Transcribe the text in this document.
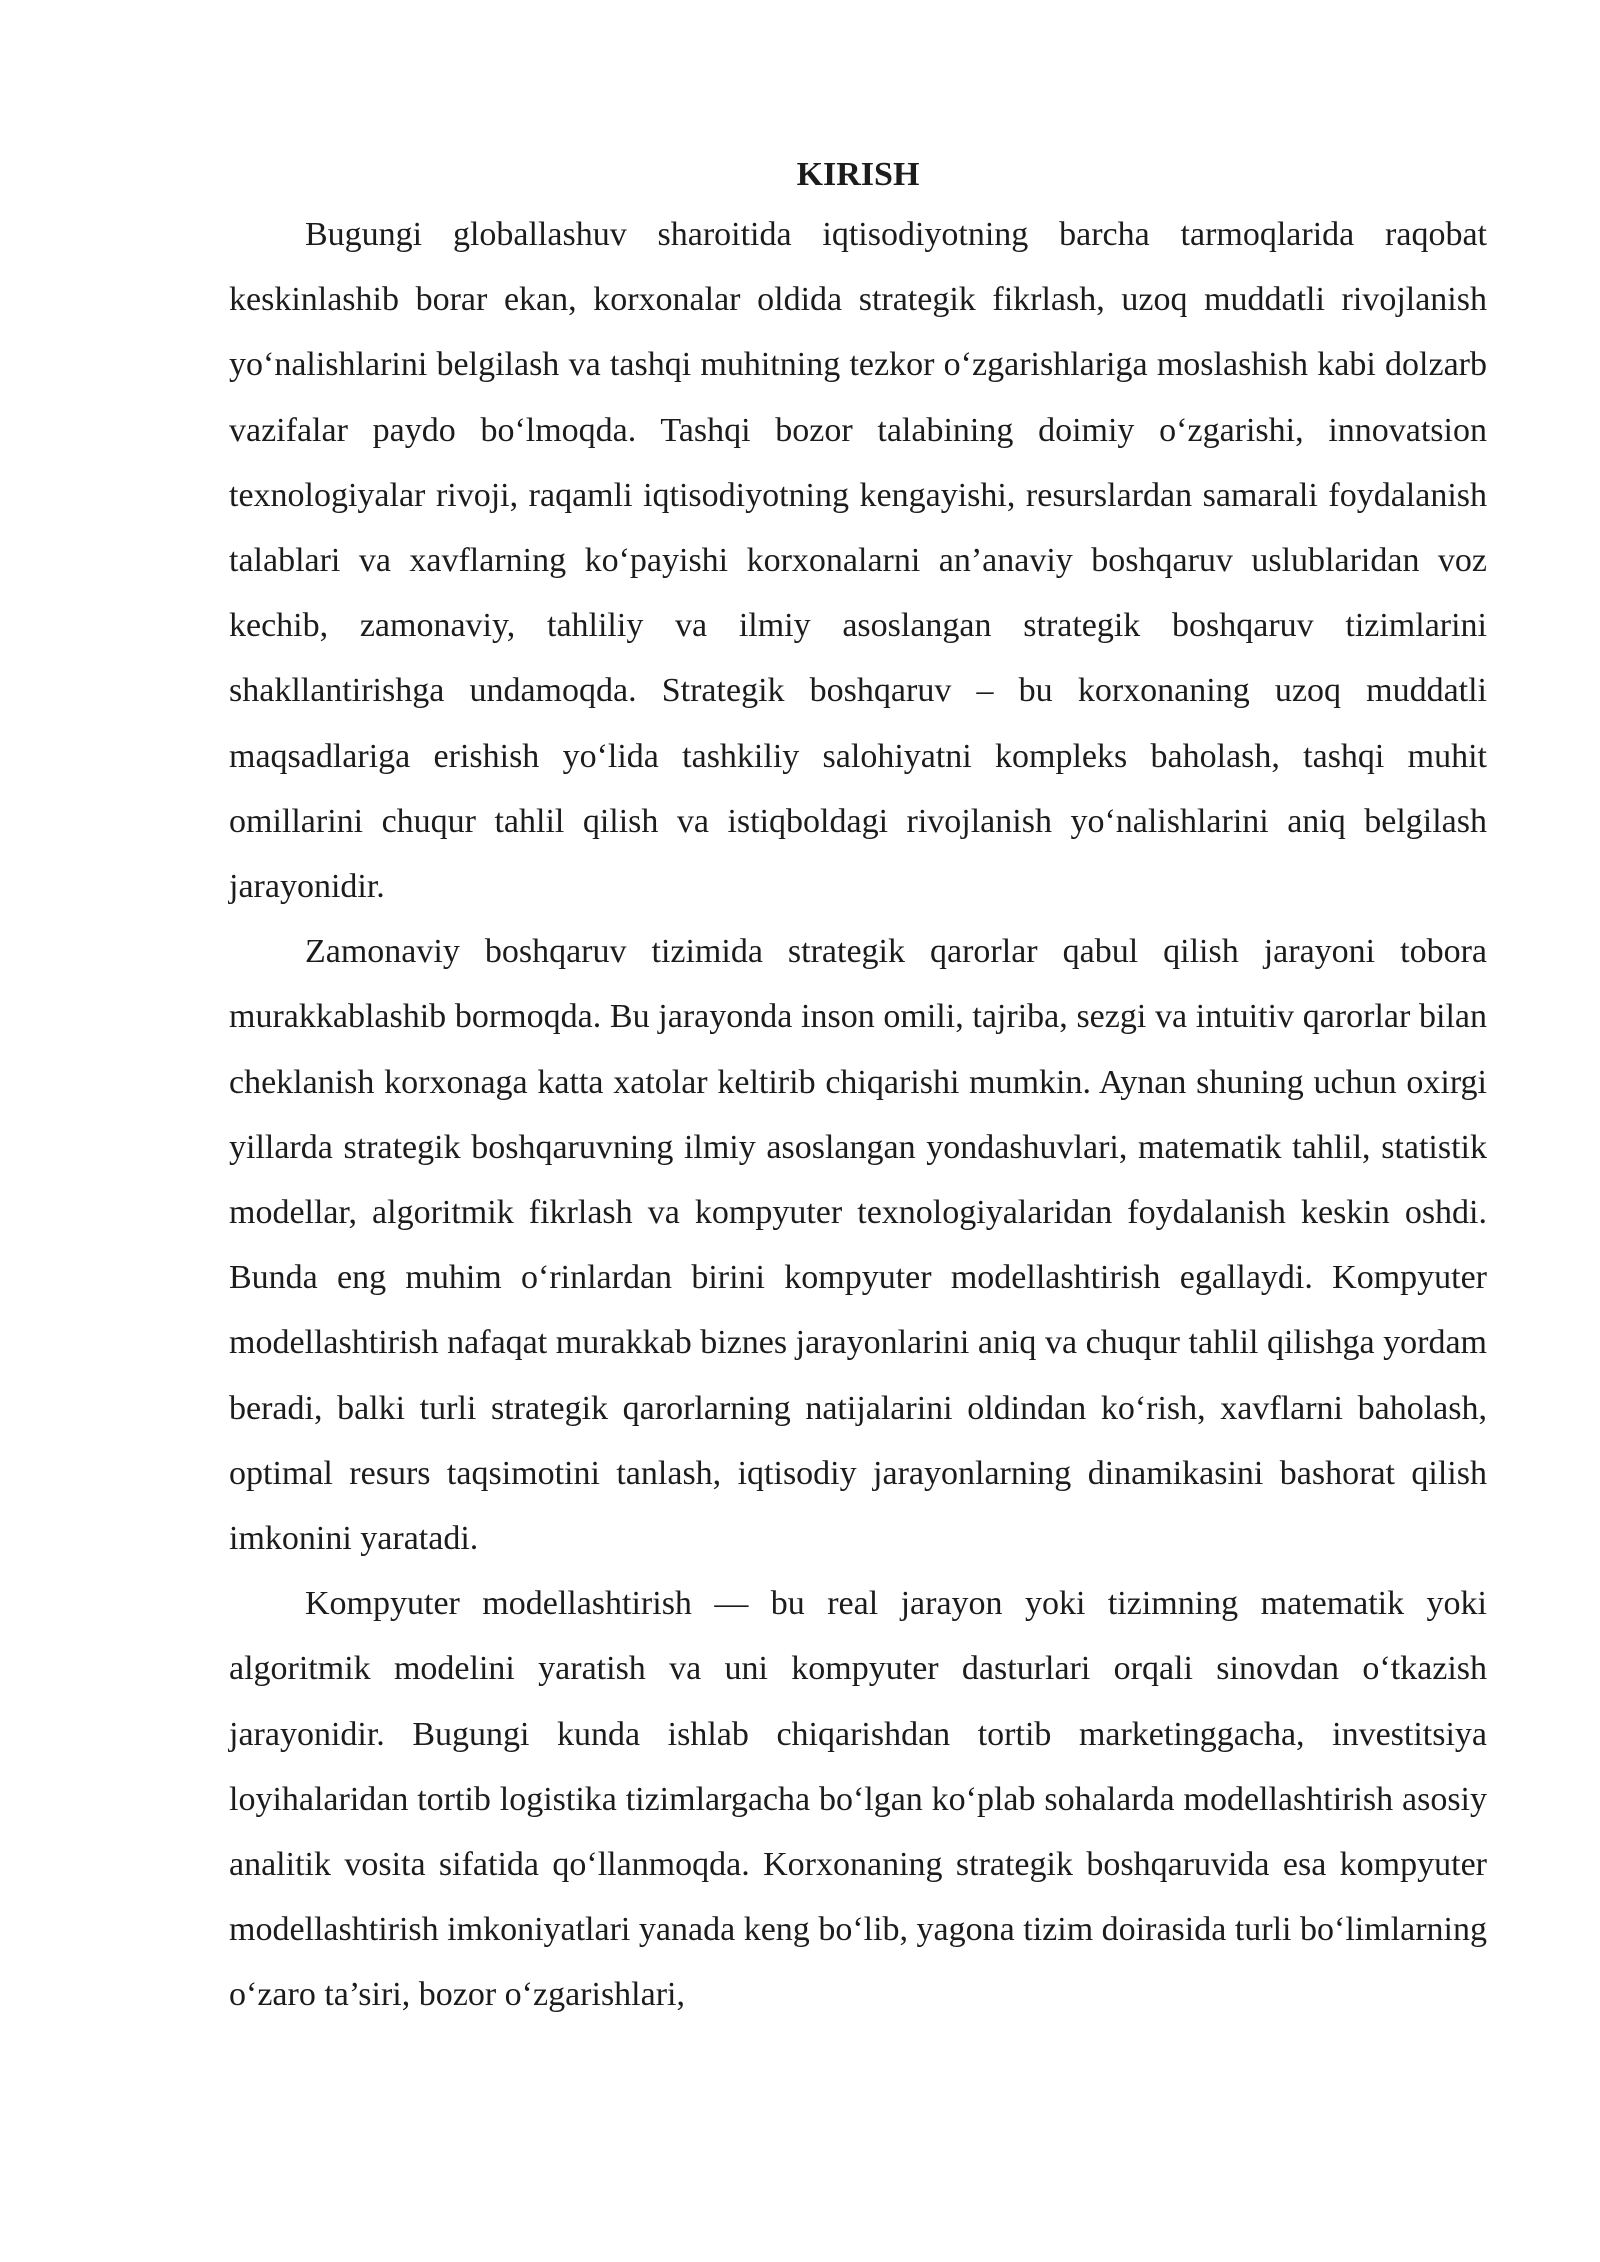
KIRISH

Bugungi globallashuv sharoitida iqtisodiyotning barcha tarmoqlarida raqobat keskinlashib borar ekan, korxonalar oldida strategik fikrlash, uzoq muddatli rivojlanish yo‘nalishlarini belgilash va tashqi muhitning tezkor o‘zgarishlariga moslashish kabi dolzarb vazifalar paydo bo‘lmoqda. Tashqi bozor talabining doimiy o‘zgarishi, innovatsion texnologiyalar rivoji, raqamli iqtisodiyotning kengayishi, resurslardan samarali foydalanish talablari va xavflarning ko‘payishi korxonalarni an’anaviy boshqaruv uslublaridan voz kechib, zamonaviy, tahliliy va ilmiy asoslangan strategik boshqaruv tizimlarini shakllantirishga undamoqda. Strategik boshqaruv – bu korxonaning uzoq muddatli maqsadlariga erishish yo‘lida tashkiliy salohiyatni kompleks baholash, tashqi muhit omillarini chuqur tahlil qilish va istiqboldagi rivojlanish yo‘nalishlarini aniq belgilash jarayonidir.

Zamonaviy boshqaruv tizimida strategik qarorlar qabul qilish jarayoni tobora murakkablashib bormoqda. Bu jarayonda inson omili, tajriba, sezgi va intuitiv qarorlar bilan cheklanish korxonaga katta xatolar keltirib chiqarishi mumkin. Aynan shuning uchun oxirgi yillarda strategik boshqaruvning ilmiy asoslangan yondashuvlari, matematik tahlil, statistik modellar, algoritmik fikrlash va kompyuter texnologiyalaridan foydalanish keskin oshdi. Bunda eng muhim o‘rinlardan birini kompyuter modellashtirish egallaydi. Kompyuter modellashtirish nafaqat murakkab biznes jarayonlarini aniq va chuqur tahlil qilishga yordam beradi, balki turli strategik qarorlarning natijalarini oldindan ko‘rish, xavflarni baholash, optimal resurs taqsimotini tanlash, iqtisodiy jarayonlarning dinamikasini bashorat qilish imkonini yaratadi.

Kompyuter modellashtirish — bu real jarayon yoki tizimning matematik yoki algoritmik modelini yaratish va uni kompyuter dasturlari orqali sinovdan o‘tkazish jarayonidir. Bugungi kunda ishlab chiqarishdan tortib marketinggacha, investitsiya loyihalaridan tortib logistika tizimlargacha bo‘lgan ko‘plab sohalarda modellashtirish asosiy analitik vosita sifatida qo‘llanmoqda. Korxonaning strategik boshqaruvida esa kompyuter modellashtirish imkoniyatlari yanada keng bo‘lib, yagona tizim doirasida turli bo‘limlarning o‘zaro ta’siri, bozor o‘zgarishlari,
